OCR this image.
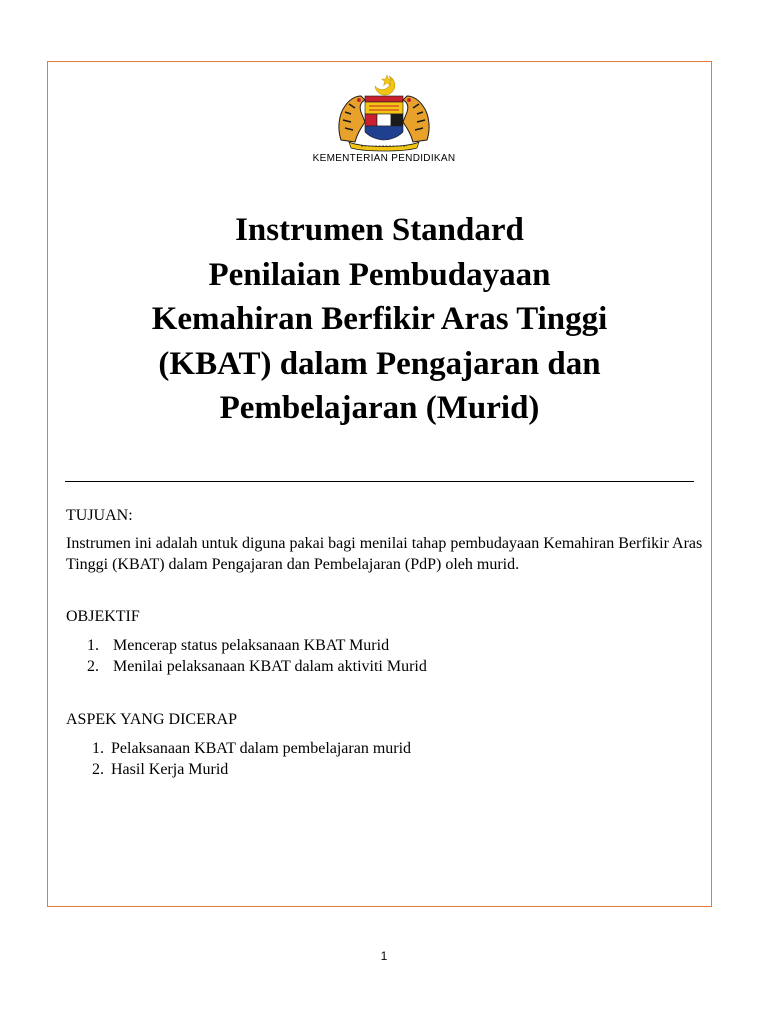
KEMENTERIAN PENDIDIKAN
Instrumen Standard
Penilaian Pembudayaan
Kemahiran Berfikir Aras Tinggi
(KBAT) dalam Pengajaran dan
Pembelajaran (Murid)

TUJUAN:

Instrumen ini adalah untuk diguna pakai bagi menilai tahap pembudayaan Kemahiran Berfikir Aras Tinggi (KBAT) dalam Pengajaran dan Pembelajaran (PdP) oleh murid.

OBJEKTIF

1. Mencerap status pelaksanaan KBAT Murid
2. Menilai pelaksanaan KBAT dalam aktiviti Murid

ASPEK YANG DICERAP

1. Pelaksanaan KBAT dalam pembelajaran murid
2. Hasil Kerja Murid
1
